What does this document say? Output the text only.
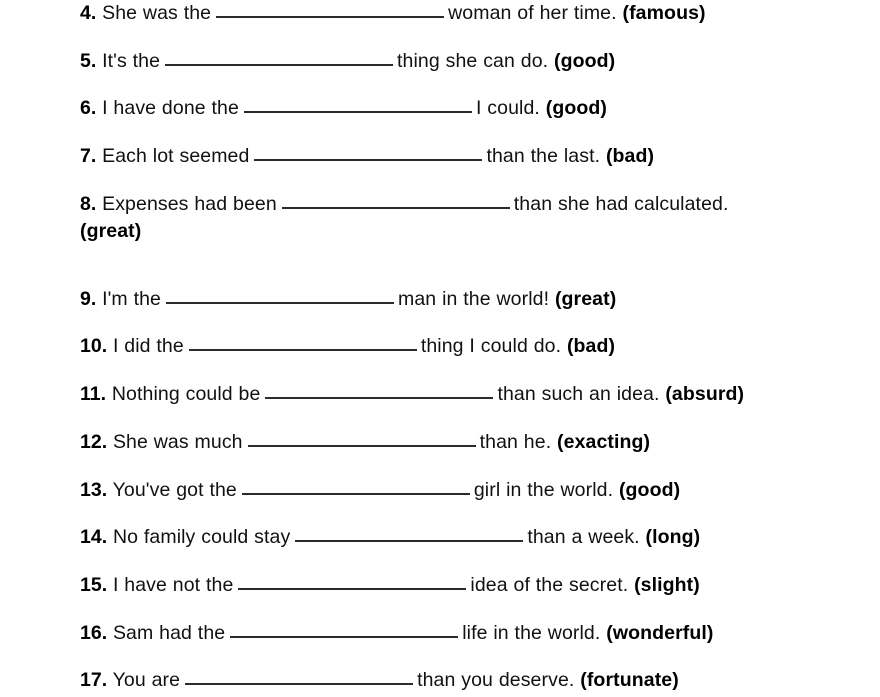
4. She was the	woman of her time. (famous)
5. It's the	thing she can do. (good)
6. I have done the	I could. (good)
7. Each lot seemed	than the last. (bad)
8. Expenses had been	than she had calculated.
(great)
9. I'm the	man in the world! (great)
10. I did the	thing I could do. (bad)
11. Nothing could be	than such an idea. (absurd)
12. She was much	than he. (exacting)
13. You've got the	girl in the world. (good)
14. No family could stay	than a week. (long)
15. I have not the	idea of the secret. (slight)
16. Sam had the	life in the world. (wonderful)
17. You are	than you deserve. (fortunate)
